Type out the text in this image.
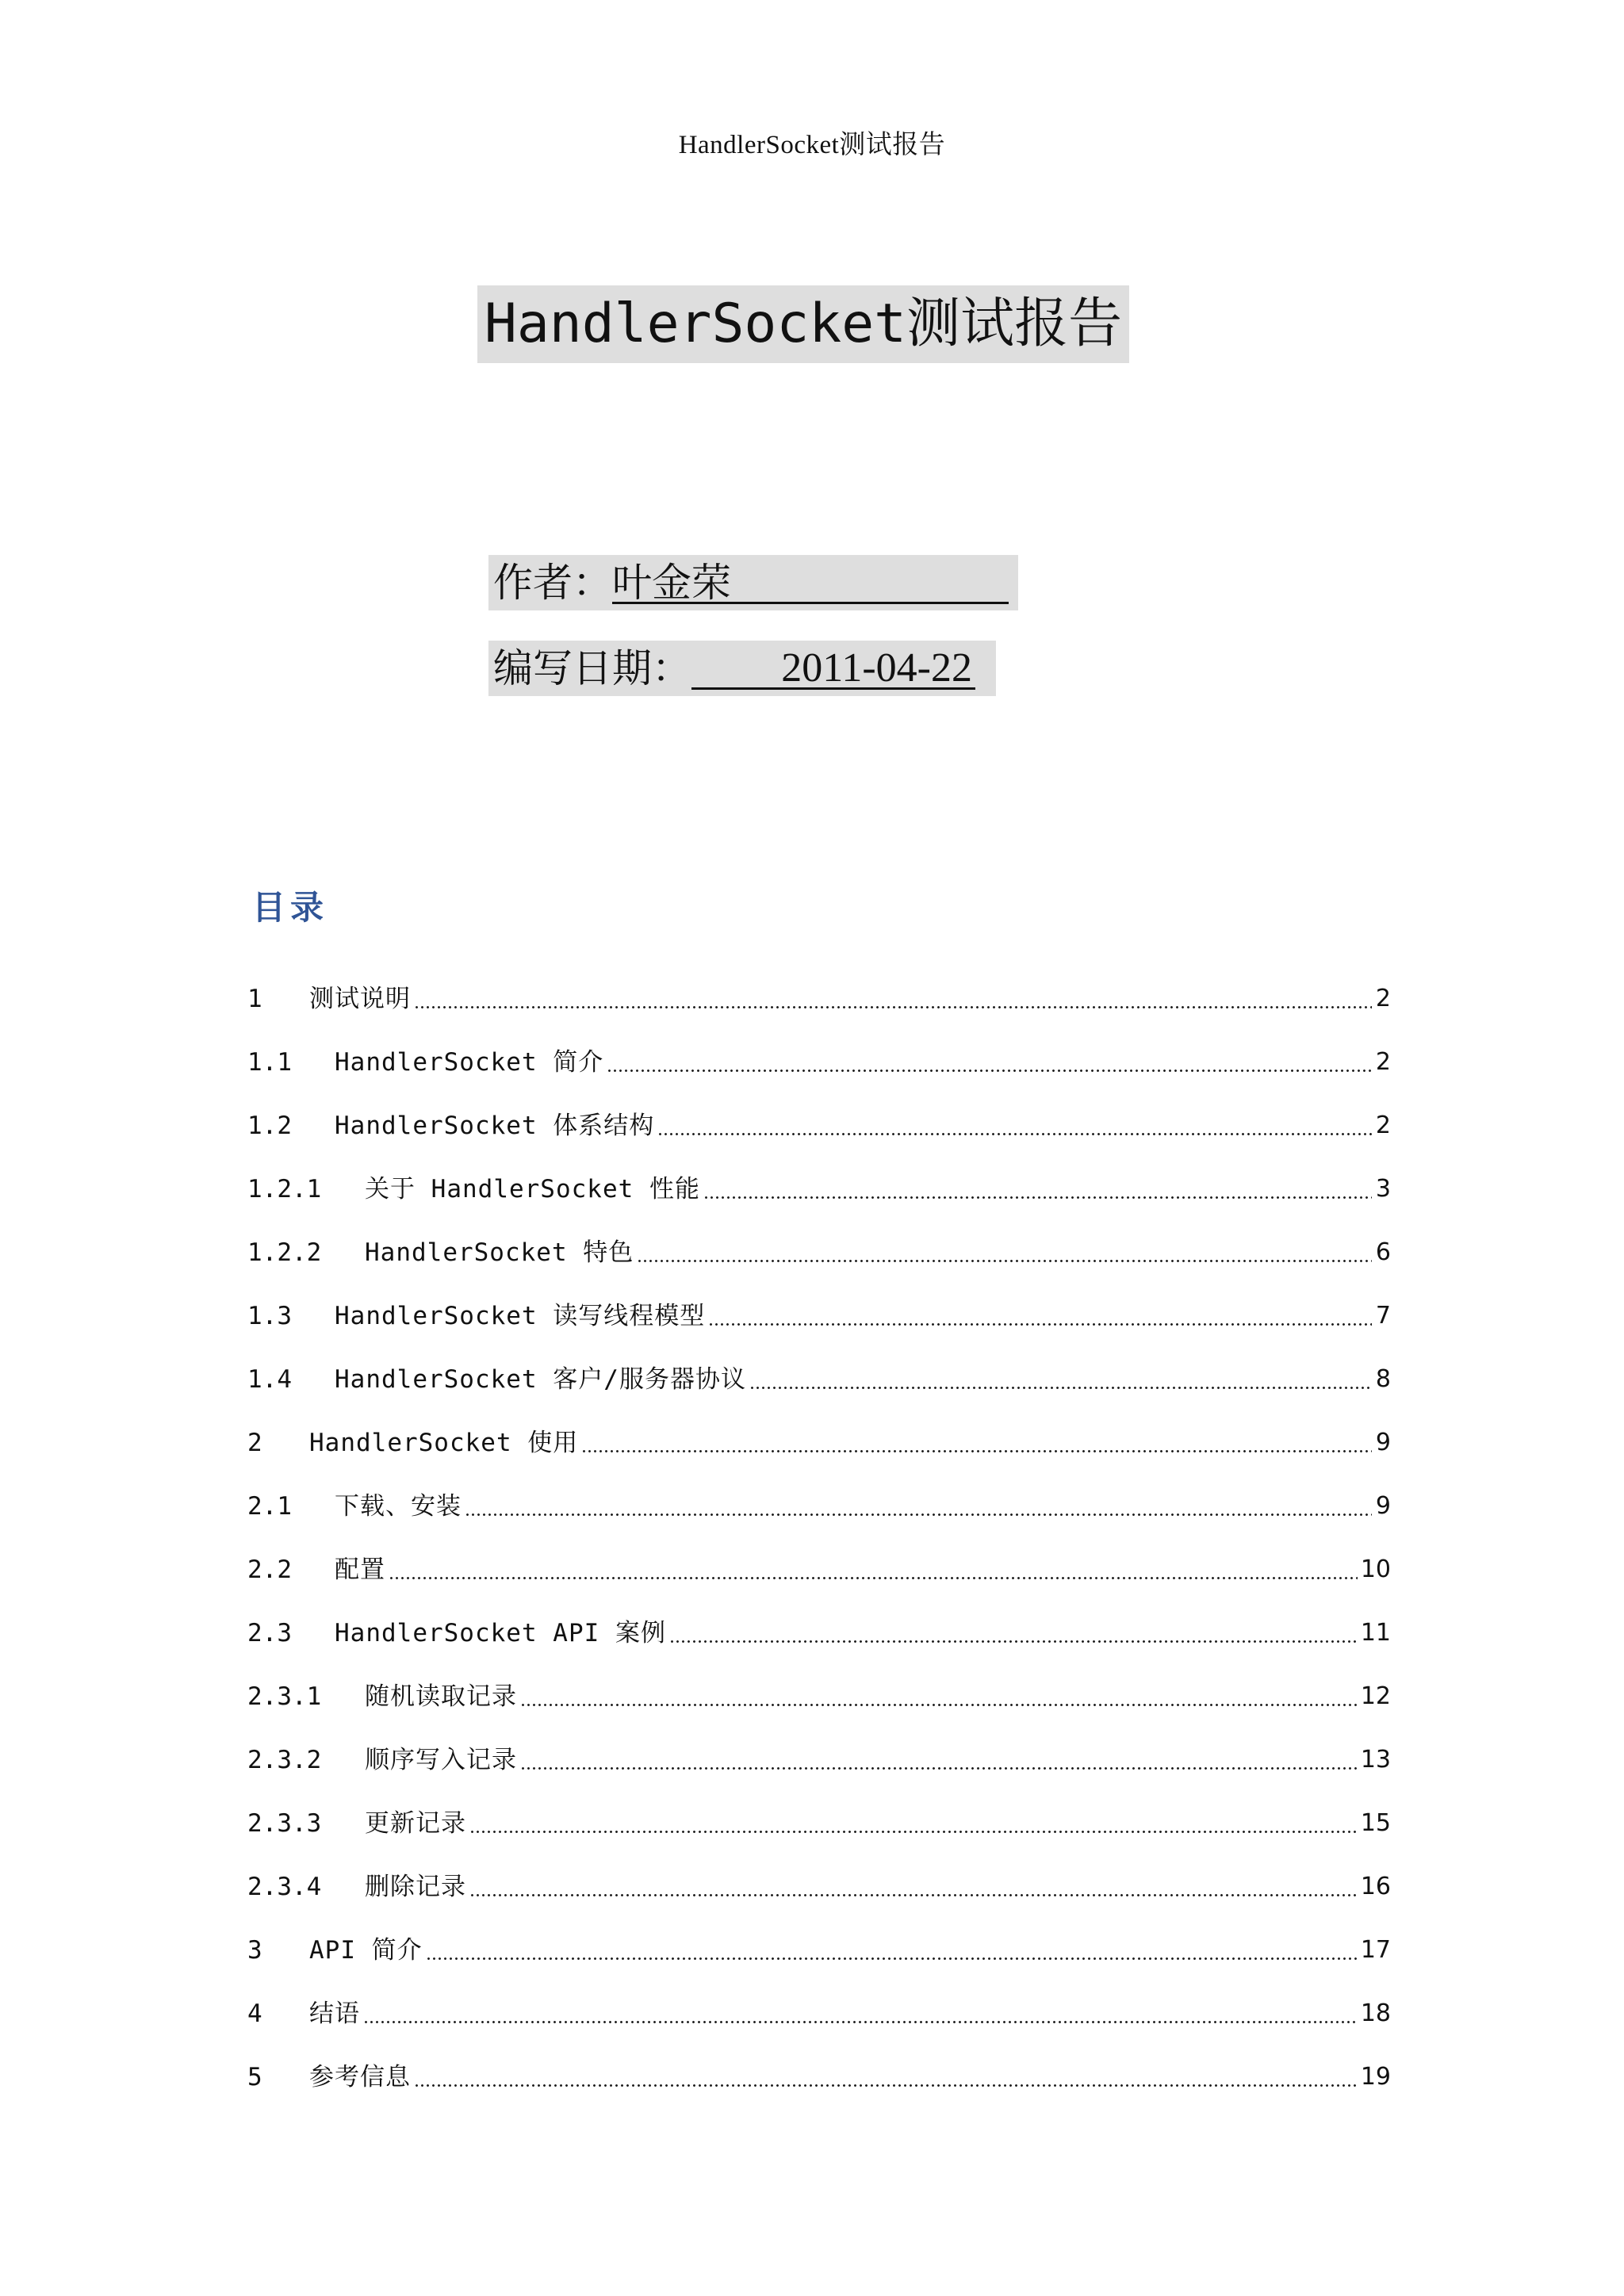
HandlerSocket测试报告
HandlerSocket测试报告
作者：叶金荣
编写日期： 2011-04-22
目录
1	测试说明	2
1.1	HandlerSocket 简介	2
1.2	HandlerSocket 体系结构	2
1.2.1	关于 HandlerSocket 性能	3
1.2.2	HandlerSocket 特色	6
1.3	HandlerSocket 读写线程模型	7
1.4	HandlerSocket 客户/服务器协议	8
2	HandlerSocket 使用	9
2.1	下载、安装	9
2.2	配置	10
2.3	HandlerSocket API 案例	11
2.3.1	随机读取记录	12
2.3.2	顺序写入记录	13
2.3.3	更新记录	15
2.3.4	删除记录	16
3	API 简介	17
4	结语	18
5	参考信息	19
